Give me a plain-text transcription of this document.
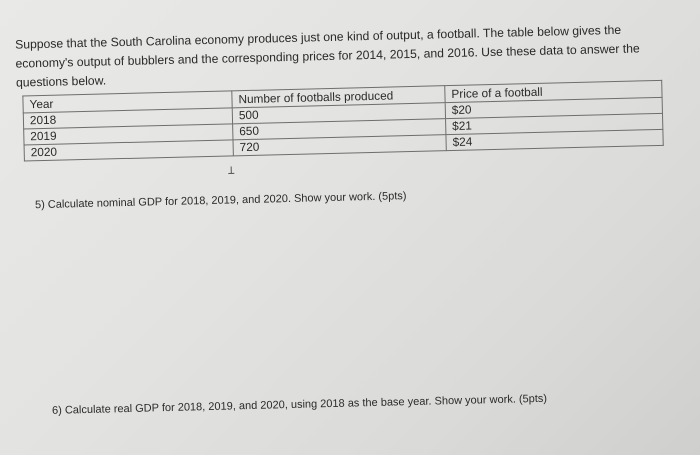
Suppose that the South Carolina economy produces just one kind of output, a football. The table below gives the economy's output of bubblers and the corresponding prices for 2014, 2015, and 2016. Use these data to answer the questions below.

Year	Number of footballs produced	Price of a football
2018	500	$20
2019	650	$21
2020	720	$24

5) Calculate nominal GDP for 2018, 2019, and 2020. Show your work. (5pts)

6) Calculate real GDP for 2018, 2019, and 2020, using 2018 as the base year. Show your work. (5pts)
